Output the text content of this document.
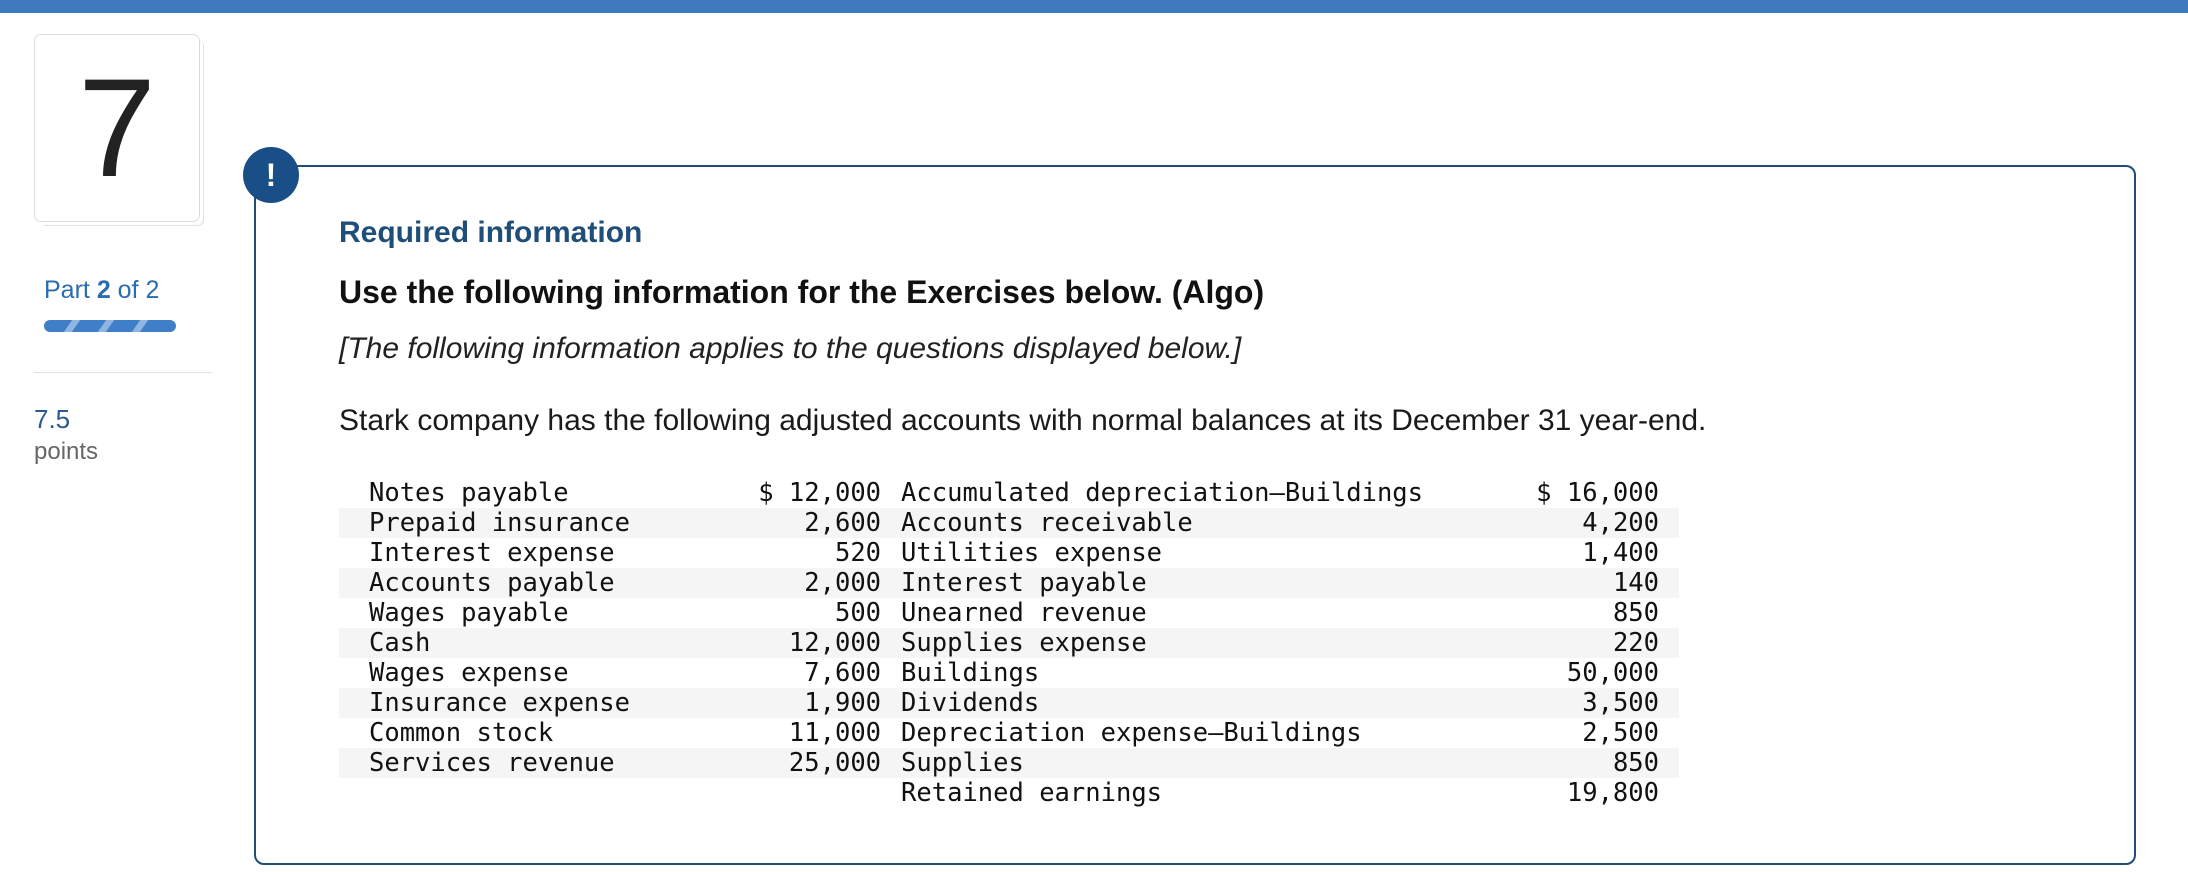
7
Part 2 of 2
7.5
points
!
Required information
Use the following information for the Exercises below. (Algo)
[The following information applies to the questions displayed below.]
Stark company has the following adjusted accounts with normal balances at its December 31 year-end.
Notes payable	$ 12,000	Accumulated depreciation—Buildings	$ 16,000
Prepaid insurance	2,600	Accounts receivable	4,200
Interest expense	520	Utilities expense	1,400
Accounts payable	2,000	Interest payable	140
Wages payable	500	Unearned revenue	850
Cash	12,000	Supplies expense	220
Wages expense	7,600	Buildings	50,000
Insurance expense	1,900	Dividends	3,500
Common stock	11,000	Depreciation expense—Buildings	2,500
Services revenue	25,000	Supplies	850
		Retained earnings	19,800
